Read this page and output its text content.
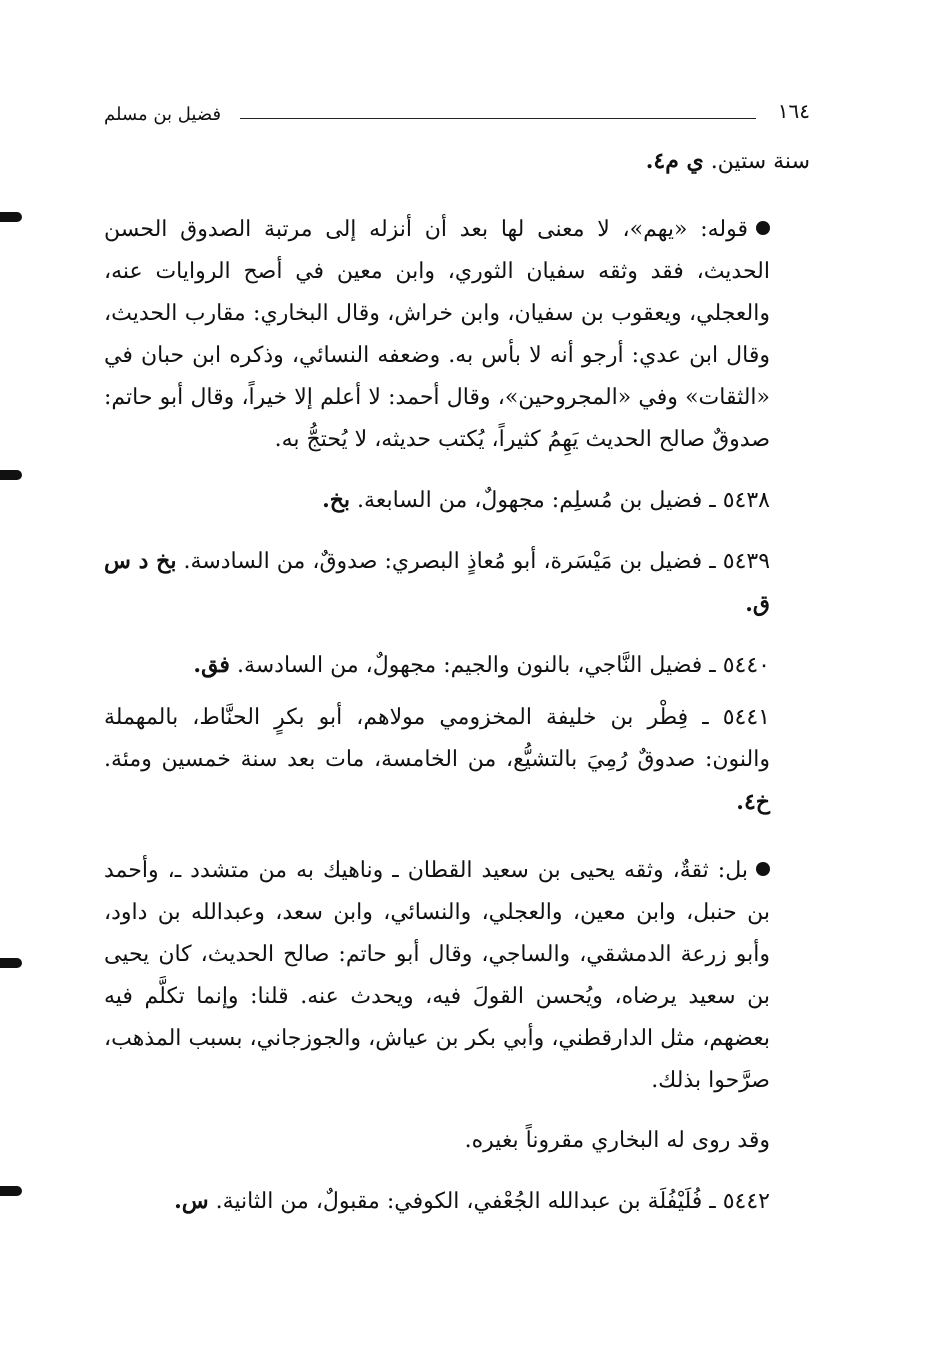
١٦٤
فضيل بن مسلم

سنة ستين. ي م٤.

قوله: «يهم»، لا معنى لها بعد أن أنزله إلى مرتبة الصدوق الحسن الحديث، فقد وثقه سفيان الثوري، وابن معين في أصح الروايات عنه، والعجلي، ويعقوب بن سفيان، وابن خراش، وقال البخاري: مقارب الحديث، وقال ابن عدي: أرجو أنه لا بأس به. وضعفه النسائي، وذكره ابن حبان في «الثقات» وفي «المجروحين»، وقال أحمد: لا أعلم إلا خيراً، وقال أبو حاتم: صدوقٌ صالح الحديث يَهِمُ كثيراً، يُكتب حديثه، لا يُحتجُّ به.

٥٤٣٨ ـ فضيل بن مُسلِم: مجهولٌ، من السابعة. بخ.

٥٤٣٩ ـ فضيل بن مَيْسَرة، أبو مُعاذٍ البصري: صدوقٌ، من السادسة. بخ د س ق.

٥٤٤٠ ـ فضيل النَّاجي، بالنون والجيم: مجهولٌ، من السادسة. فق.

٥٤٤١ ـ فِطْر بن خليفة المخزومي مولاهم، أبو بكرٍ الحنَّاط، بالمهملة والنون: صدوقٌ رُمِيَ بالتشيُّع، من الخامسة، مات بعد سنة خمسين ومئة. خ٤.

بل: ثقةٌ، وثقه يحيى بن سعيد القطان ـ وناهيك به من متشدد ـ، وأحمد بن حنبل، وابن معين، والعجلي، والنسائي، وابن سعد، وعبدالله بن داود، وأبو زرعة الدمشقي، والساجي، وقال أبو حاتم: صالح الحديث، كان يحيى بن سعيد يرضاه، ويُحسن القولَ فيه، ويحدث عنه. قلنا: وإنما تكلَّم فيه بعضهم، مثل الدارقطني، وأبي بكر بن عياش، والجوزجاني، بسبب المذهب، صرَّحوا بذلك.

وقد روى له البخاري مقروناً بغيره.

٥٤٤٢ ـ فُلَيْفُلَة بن عبدالله الجُعْفي، الكوفي: مقبولٌ، من الثانية. س.
